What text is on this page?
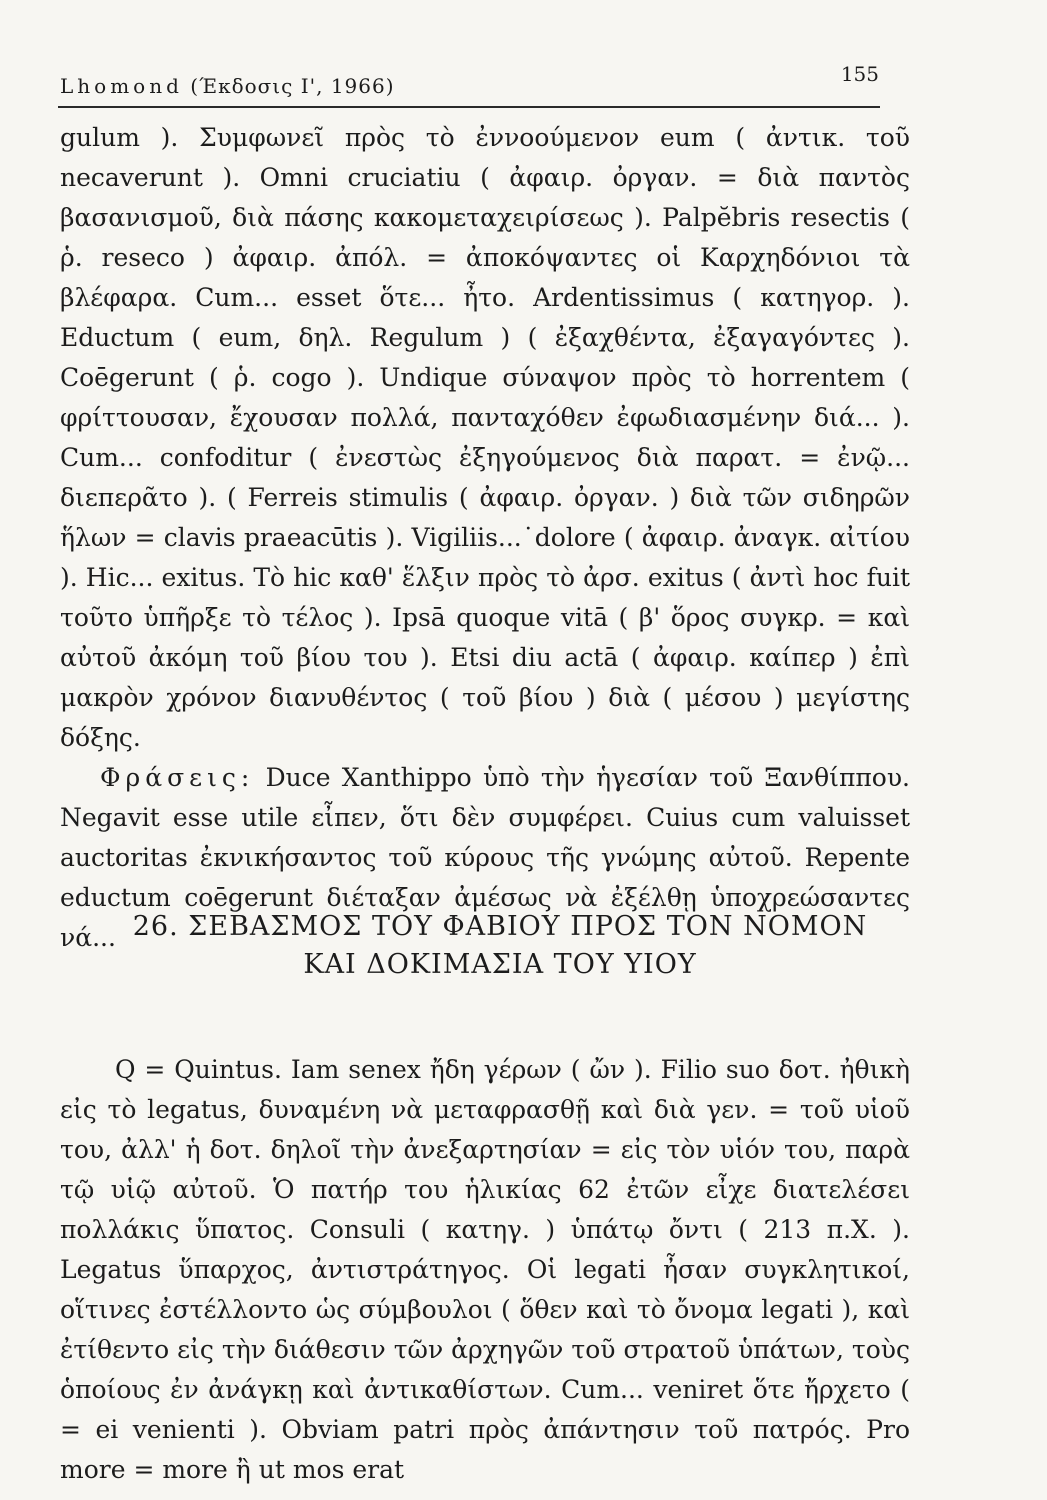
Lhomond (Έκδοσις Ι', 1966)	155

gulum ). Συμφωνεῖ πρὸς τὸ ἐννοούμενον eum ( ἀντικ. τοῦ necaverunt ). Omni cruciatiu ( ἀφαιρ. ὀργαν. = διὰ παντὸς βασανισμοῦ, διὰ πάσης κακομεταχειρίσεως ). Palpĕbris resectis ( ῥ. reseco ) ἀφαιρ. ἀπόλ. = ἀποκόψαντες οἱ Καρχηδόνιοι τὰ βλέφαρα. Cum... esset ὅτε... ἦτο. Ardentissimus ( κατηγορ. ). Eductum ( eum, δηλ. Regulum ) ( ἐξαχθέντα, ἐξαγαγόντες ). Coēgerunt ( ῥ. cogo ). Undique σύναψον πρὸς τὸ horrentem ( φρίττουσαν, ἔχουσαν πολλά, πανταχόθεν ἐφωδιασμένην διά... ). Cum... confoditur ( ἐνεστὼς ἐξηγούμενος διὰ παρατ. = ἐνῷ... διεπερᾶτο ). ( Ferreis stimulis ( ἀφαιρ. ὀργαν. ) διὰ τῶν σιδηρῶν ἥλων = clavis praeacūtis ). Vigiliis...˙dolore ( ἀφαιρ. ἀναγκ. αἰτίου ). Hic... exitus. Τὸ hic καθ' ἕλξιν πρὸς τὸ ἀρσ. exitus ( ἀντὶ hoc fuit τοῦτο ὑπῆρξε τὸ τέλος ). Ipsā quoque vitā ( β' ὅρος συγκρ. = καὶ αὐτοῦ ἀκόμη τοῦ βίου του ). Etsi diu actā ( ἀφαιρ. καίπερ ) ἐπὶ μακρὸν χρόνον διανυθέντος ( τοῦ βίου ) διὰ ( μέσου ) μεγίστης δόξης.

Φράσεις: Duce Xanthippo ὑπὸ τὴν ἡγεσίαν τοῦ Ξανθίππου. Negavit esse utile εἶπεν, ὅτι δὲν συμφέρει. Cuius cum valuisset auctoritas ἐκνικήσαντος τοῦ κύρους τῆς γνώμης αὐτοῦ. Repente eductum coēgerunt διέταξαν ἀμέσως νὰ ἐξέλθῃ ὑποχρεώσαντες νά... 26. ΣΕΒΑΣΜΟΣ ΤΟΥ ΦΑΒΙΟΥ ΠΡΟΣ ΤΟΝ ΝΟΜΟΝ
ΚΑΙ ΔΟΚΙΜΑΣΙΑ ΤΟΥ ΥΙΟΥ

Q = Quintus. Iam senex ἤδη γέρων ( ὤν ). Filio suo δοτ. ἠθικὴ εἰς τὸ legatus, δυναμένη νὰ μεταφρασθῇ καὶ διὰ γεν. = τοῦ υἱοῦ του, ἀλλ' ἡ δοτ. δηλοῖ τὴν ἀνεξαρτησίαν = εἰς τὸν υἱόν του, παρὰ τῷ υἱῷ αὐτοῦ. Ὁ πατήρ του ἡλικίας 62 ἐτῶν εἶχε διατελέσει πολλάκις ὕπατος. Consuli ( κατηγ. ) ὑπάτῳ ὄντι ( 213 π.Χ. ). Legatus ὕπαρχος, ἀντιστράτηγος. Οἱ legati ἦσαν συγκλητικοί, οἵτινες ἐστέλλοντο ὡς σύμβουλοι ( ὅθεν καὶ τὸ ὄνομα legati ), καὶ ἐτίθεντο εἰς τὴν διάθεσιν τῶν ἀρχηγῶν τοῦ στρατοῦ ὑπάτων, τοὺς ὁποίους ἐν ἀνάγκῃ καὶ ἀντικαθίστων. Cum... veniret ὅτε ἤρχετο ( = ei venienti ). Obviam patri πρὸς ἀπάντησιν τοῦ πατρός. Pro more = more ἢ ut mos erat
